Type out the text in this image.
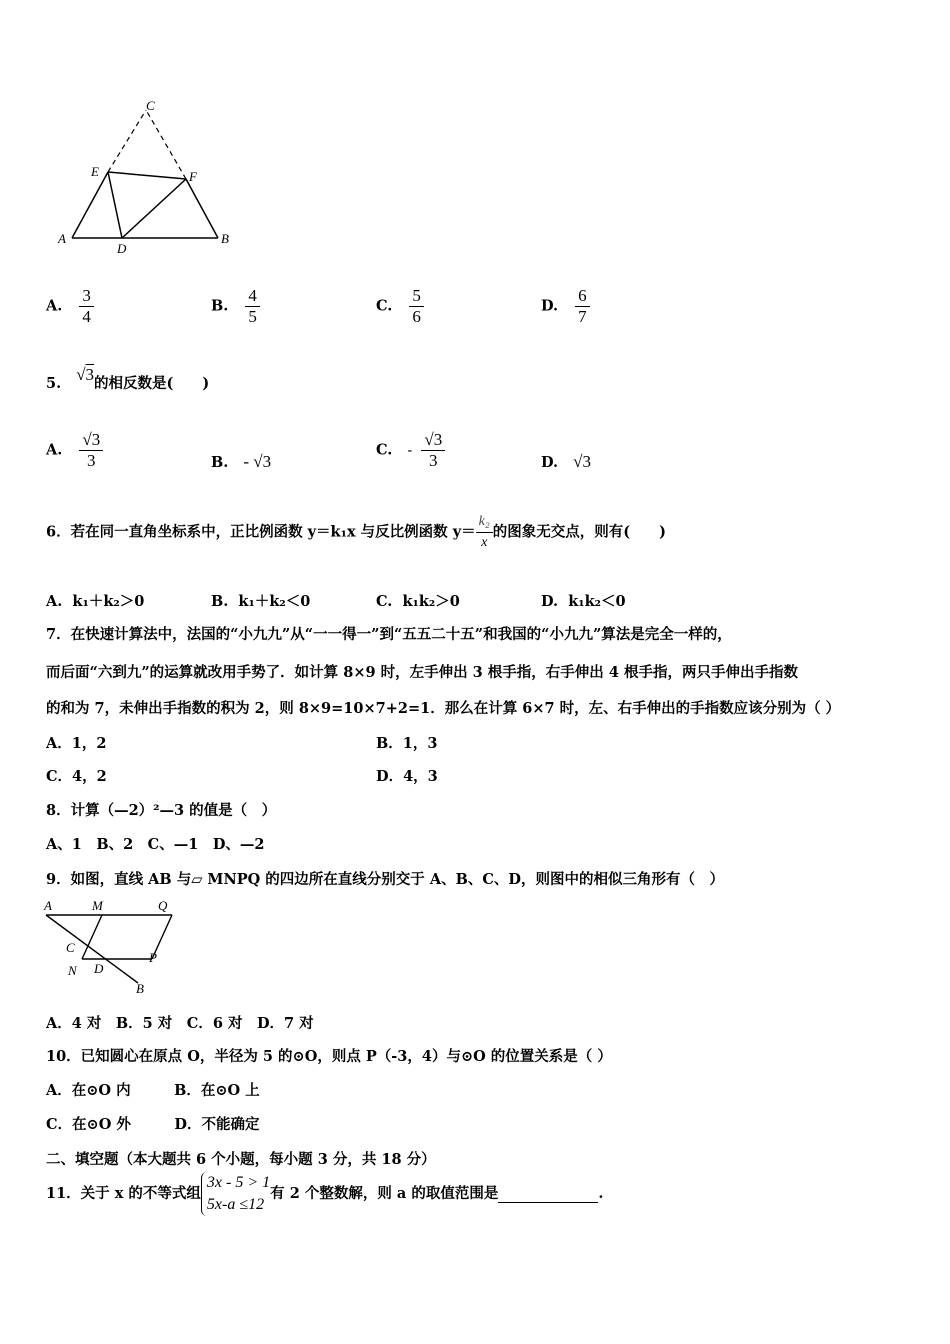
C
E	F
A
D
B
A. $\frac{3}{4}$	B. $\frac{4}{5}$	C. $\frac{5}{6}$	D. $\frac{6}{7}$
5. √3的相反数是(　　)
A. $\frac{√3}{3}$	B. - √3
C. - $\frac{√3}{3}$	D. √3
6．若在同一直角坐标系中，正比例函数 y＝k₁x 与反比例函数 $y= \frac{\text{k₂}}{x}$ 的图象无交点，则有(　　)
A. k₁＋k₂＞0	B. k₁＋k₂＜0	C. k₁k₂＞0	D. k₁k₂＜0
7．在快速计算法中，法国的“小九九”从“一一得一”到“五五二十五”和我国的“小九九”算法是完全一样的，
而后面“六到九”的运算就改用手势了．如计算 8×9 时，左手伸出 3 根手指，右手伸出 4 根手指，两只手伸出手指数
的和为 7，未伸出手指数的积为 2，则 8×9=10×7+2=1．那么在计算 6×7 时，左、右手伸出的手指数应该分别为（ ）
A．1，2	B．1，3
C．4，2	D．4，3
8．计算（—2）²—3 的值是（　）
A、1　B、2　C、—1　D、—2
9．如图，直线 AB 与▱ MNPQ 的四边所在直线分别交于 A、B、C、D，则图中的相似三角形有（　）
A	M	Q
C
N D
P
B
A．4 对　B．5 对　C．6 对　D．7 对
10．已知圆心在原点 O，半径为 5 的⊙O，则点 P（-3，4）与⊙O 的位置关系是（ ）
A．在⊙O 内　　　B．在⊙O 上
C．在⊙O 外　　　D．不能确定
二、填空题（本大题共 6 个小题，每小题 3 分，共 18 分）
11．关于 x 的不等式组3x - 5 > 1
5x-a ≤12有 2 个整数解，则 a 的取值范围是	.
